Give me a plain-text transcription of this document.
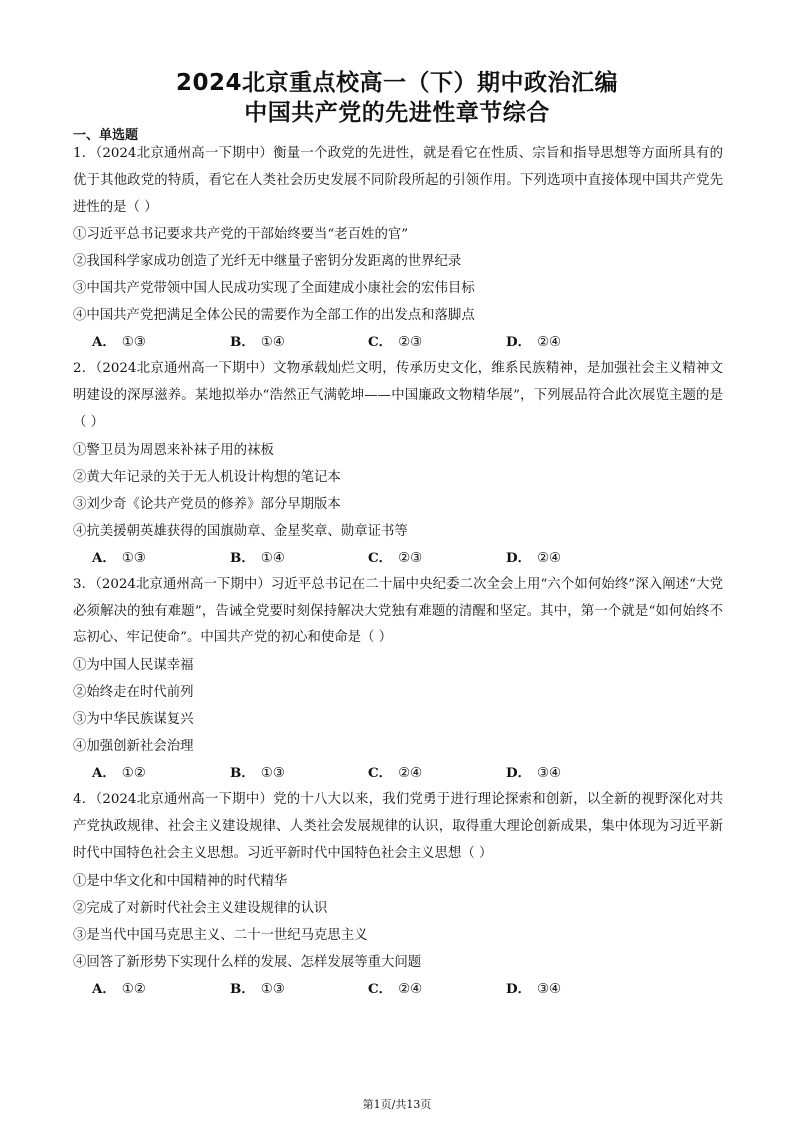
2024北京重点校高一（下）期中政治汇编
中国共产党的先进性章节综合
一、单选题
1．（2024北京通州高一下期中）衡量一个政党的先进性，就是看它在性质、宗旨和指导思想等方面所具有的优于其他政党的特质，看它在人类社会历史发展不同阶段所起的引领作用。下列选项中直接体现中国共产党先进性的是（ ）
①习近平总书记要求共产党的干部始终要当“老百姓的官”
②我国科学家成功创造了光纤无中继量子密钥分发距离的世界纪录
③中国共产党带领中国人民成功实现了全面建成小康社会的宏伟目标
④中国共产党把满足全体公民的需要作为全部工作的出发点和落脚点
A． ①③	B． ①④	C． ②③	D． ②④
2．（2024北京通州高一下期中）文物承载灿烂文明，传承历史文化，维系民族精神，是加强社会主义精神文明建设的深厚滋养。某地拟举办“浩然正气满乾坤——中国廉政文物精华展”，下列展品符合此次展览主题的是（ ）
①警卫员为周恩来补袜子用的袜板
②黄大年记录的关于无人机设计构想的笔记本
③刘少奇《论共产党员的修养》部分早期版本
④抗美援朝英雄获得的国旗勋章、金星奖章、勋章证书等
A． ①③	B． ①④	C． ②③	D． ②④
3．（2024北京通州高一下期中）习近平总书记在二十届中央纪委二次全会上用“六个如何始终”深入阐述“大党必须解决的独有难题”，告诫全党要时刻保持解决大党独有难题的清醒和坚定。其中，第一个就是“如何始终不忘初心、牢记使命”。中国共产党的初心和使命是（ ）
①为中国人民谋幸福
②始终走在时代前列
③为中华民族谋复兴
④加强创新社会治理
A． ①②	B． ①③	C． ②④	D． ③④
4．（2024北京通州高一下期中）党的十八大以来，我们党勇于进行理论探索和创新，以全新的视野深化对共产党执政规律、社会主义建设规律、人类社会发展规律的认识，取得重大理论创新成果，集中体现为习近平新时代中国特色社会主义思想。习近平新时代中国特色社会主义思想（ ）
①是中华文化和中国精神的时代精华
②完成了对新时代社会主义建设规律的认识
③是当代中国马克思主义、二十一世纪马克思主义
④回答了新形势下实现什么样的发展、怎样发展等重大问题
A． ①②	B． ①③	C． ②④	D． ③④
第1页/共13页
